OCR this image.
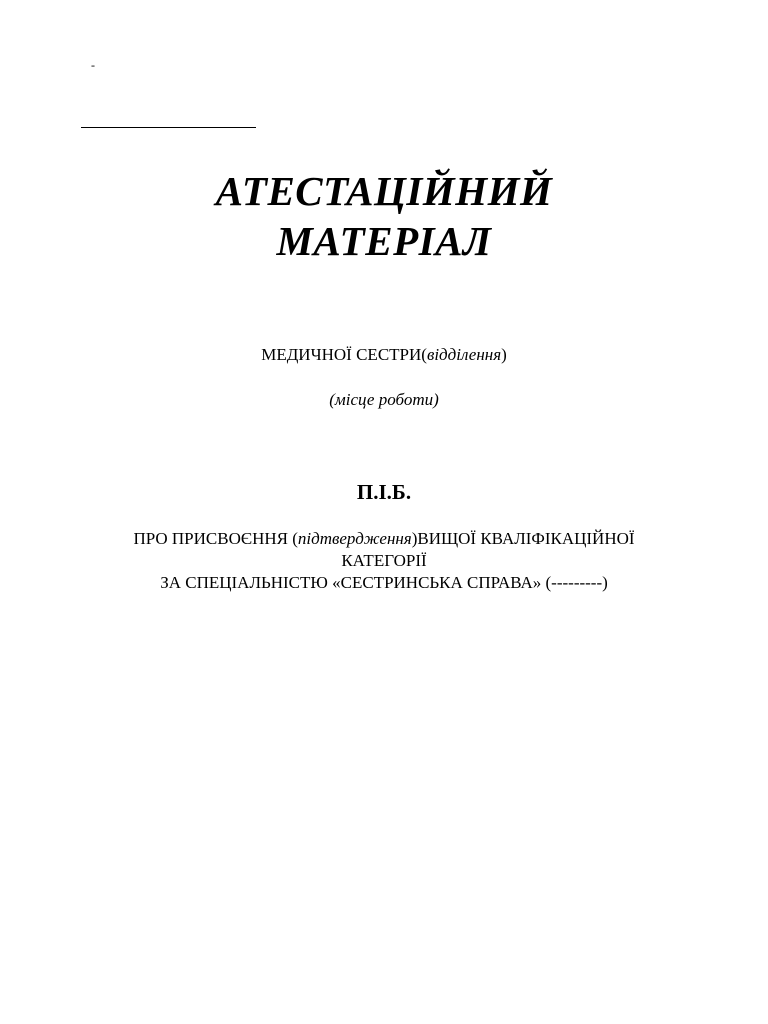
-
АТЕСТАЦІЙНИЙ
МАТЕРІАЛ
МЕДИЧНОЇ СЕСТРИ(відділення)
(місце роботи)
П.І.Б.
ПРО ПРИСВОЄННЯ (підтвердження)ВИЩОЇ КВАЛІФІКАЦІЙНОЇ
КАТЕГОРІЇ
ЗА СПЕЦІАЛЬНІСТЮ «СЕСТРИНСЬКА СПРАВА» (---------)
